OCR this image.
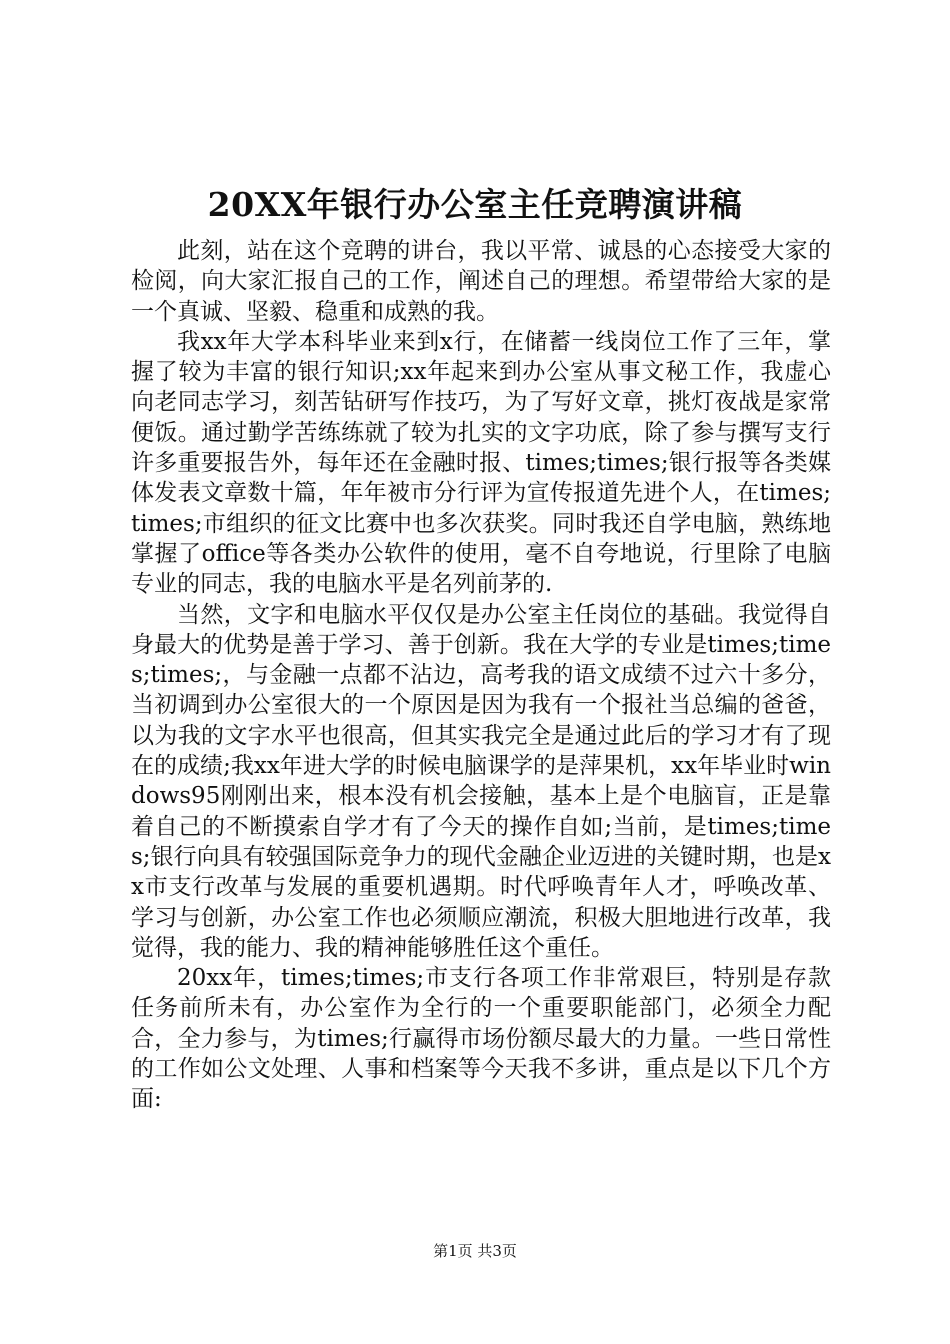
20XX年银行办公室主任竞聘演讲稿

此刻，站在这个竞聘的讲台，我以平常、诚恳的心态接受大家的检阅，向大家汇报自己的工作，阐述自己的理想。希望带给大家的是一个真诚、坚毅、稳重和成熟的我。

我xx年大学本科毕业来到x行，在储蓄一线岗位工作了三年，掌握了较为丰富的银行知识;xx年起来到办公室从事文秘工作，我虚心向老同志学习，刻苦钻研写作技巧，为了写好文章，挑灯夜战是家常便饭。通过勤学苦练练就了较为扎实的文字功底，除了参与撰写支行许多重要报告外，每年还在金融时报、times;times;银行报等各类媒体发表文章数十篇，年年被市分行评为宣传报道先进个人，在times;times;市组织的征文比赛中也多次获奖。同时我还自学电脑，熟练地掌握了office等各类办公软件的使用，毫不自夸地说，行里除了电脑专业的同志，我的电脑水平是名列前茅的.

当然，文字和电脑水平仅仅是办公室主任岗位的基础。我觉得自身最大的优势是善于学习、善于创新。我在大学的专业是times;times;times;，与金融一点都不沾边，高考我的语文成绩不过六十多分，当初调到办公室很大的一个原因是因为我有一个报社当总编的爸爸，以为我的文字水平也很高，但其实我完全是通过此后的学习才有了现在的成绩;我xx年进大学的时候电脑课学的是萍果机，xx年毕业时windows95刚刚出来，根本没有机会接触，基本上是个电脑盲，正是靠着自己的不断摸索自学才有了今天的操作自如;当前，是times;times;银行向具有较强国际竞争力的现代金融企业迈进的关键时期，也是xx市支行改革与发展的重要机遇期。时代呼唤青年人才，呼唤改革、学习与创新，办公室工作也必须顺应潮流，积极大胆地进行改革，我觉得，我的能力、我的精神能够胜任这个重任。

20xx年，times;times;市支行各项工作非常艰巨，特别是存款任务前所未有，办公室作为全行的一个重要职能部门，必须全力配合，全力参与，为times;行赢得市场份额尽最大的力量。一些日常性的工作如公文处理、人事和档案等今天我不多讲，重点是以下几个方面:

第1页 共3页
